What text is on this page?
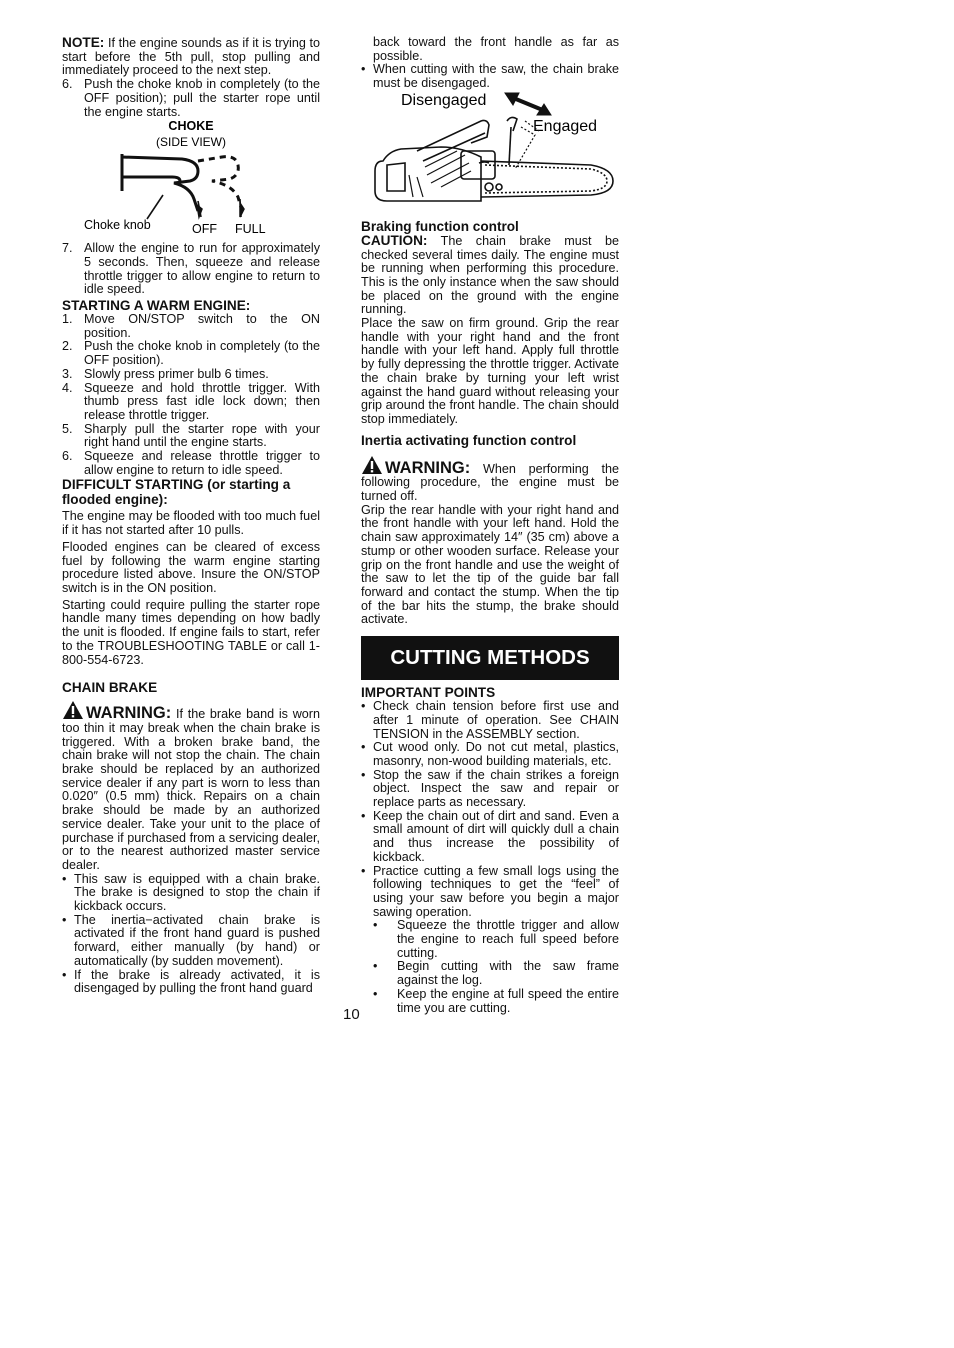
NOTE: If the engine sounds as if it is trying to start before the 5th pull, stop pulling and immediately proceed to the next step.

6. Push the choke knob in completely (to the OFF position); pull the starter rope until the engine starts.
CHOKE
(SIDE VIEW)
Choke knob	OFF FULL
7. Allow the engine to run for approximately 5 seconds. Then, squeeze and release throttle trigger to allow engine to return to idle speed.

STARTING A WARM ENGINE:

1. Move ON/STOP switch to the ON position.
2. Push the choke knob in completely (to the OFF position).
3. Slowly press primer bulb 6 times.
4. Squeeze and hold throttle trigger. With thumb press fast idle lock down; then release throttle trigger.
5. Sharply pull the starter rope with your right hand until the engine starts.
6. Squeeze and release throttle trigger to allow engine to return to idle speed.

DIFFICULT STARTING (or starting a flooded engine):

The engine may be flooded with too much fuel if it has not started after 10 pulls.

Flooded engines can be cleared of excess fuel by following the warm engine starting procedure listed above. Insure the ON/STOP switch is in the ON position.

Starting could require pulling the starter rope handle many times depending on how badly the unit is flooded. If engine fails to start, refer to the TROUBLESHOOTING TABLE or call 1-800-554-6723.

CHAIN BRAKE

WARNING: If the brake band is worn too thin it may break when the chain brake is triggered. With a broken brake band, the chain brake will not stop the chain. The chain brake should be replaced by an authorized service dealer if any part is worn to less than 0.020″ (0.5 mm) thick. Repairs on a chain brake should be made by an authorized service dealer. Take your unit to the place of purchase if purchased from a servicing dealer, or to the nearest authorized master service dealer.

• This saw is equipped with a chain brake. The brake is designed to stop the chain if kickback occurs.
• The inertia−activated chain brake is activated if the front hand guard is pushed forward, either manually (by hand) or automatically (by sudden movement).
• If the brake is already activated, it is disengaged by pulling the front hand guard

back toward the front handle as far as possible.

• When cutting with the saw, the chain brake must be disengaged.
Disengaged
Engaged

Braking function control

CAUTION: The chain brake must be checked several times daily. The engine must be running when performing this procedure. This is the only instance when the saw should be placed on the ground with the engine running.

Place the saw on firm ground. Grip the rear handle with your right hand and the front handle with your left hand. Apply full throttle by fully depressing the throttle trigger. Activate the chain brake by turning your left wrist against the hand guard without releasing your grip around the front handle. The chain should stop immediately.

Inertia activating function control

WARNING: When performing the following procedure, the engine must be turned off.

Grip the rear handle with your right hand and the front handle with your left hand. Hold the chain saw approximately 14″ (35 cm) above a stump or other wooden surface. Release your grip on the front handle and use the weight of the saw to let the tip of the guide bar fall forward and contact the stump. When the tip of the bar hits the stump, the brake should activate.

CUTTING METHODS

IMPORTANT POINTS

• Check chain tension before first use and after 1 minute of operation. See CHAIN TENSION in the ASSEMBLY section.
• Cut wood only. Do not cut metal, plastics, masonry, non-wood building materials, etc.
• Stop the saw if the chain strikes a foreign object. Inspect the saw and repair or replace parts as necessary.
• Keep the chain out of dirt and sand. Even a small amount of dirt will quickly dull a chain and thus increase the possibility of kickback.
• Practice cutting a few small logs using the following techniques to get the “feel” of using your saw before you begin a major sawing operation.
• Squeeze the throttle trigger and allow the engine to reach full speed before cutting.
• Begin cutting with the saw frame against the log.
• Keep the engine at full speed the entire time you are cutting.
10
